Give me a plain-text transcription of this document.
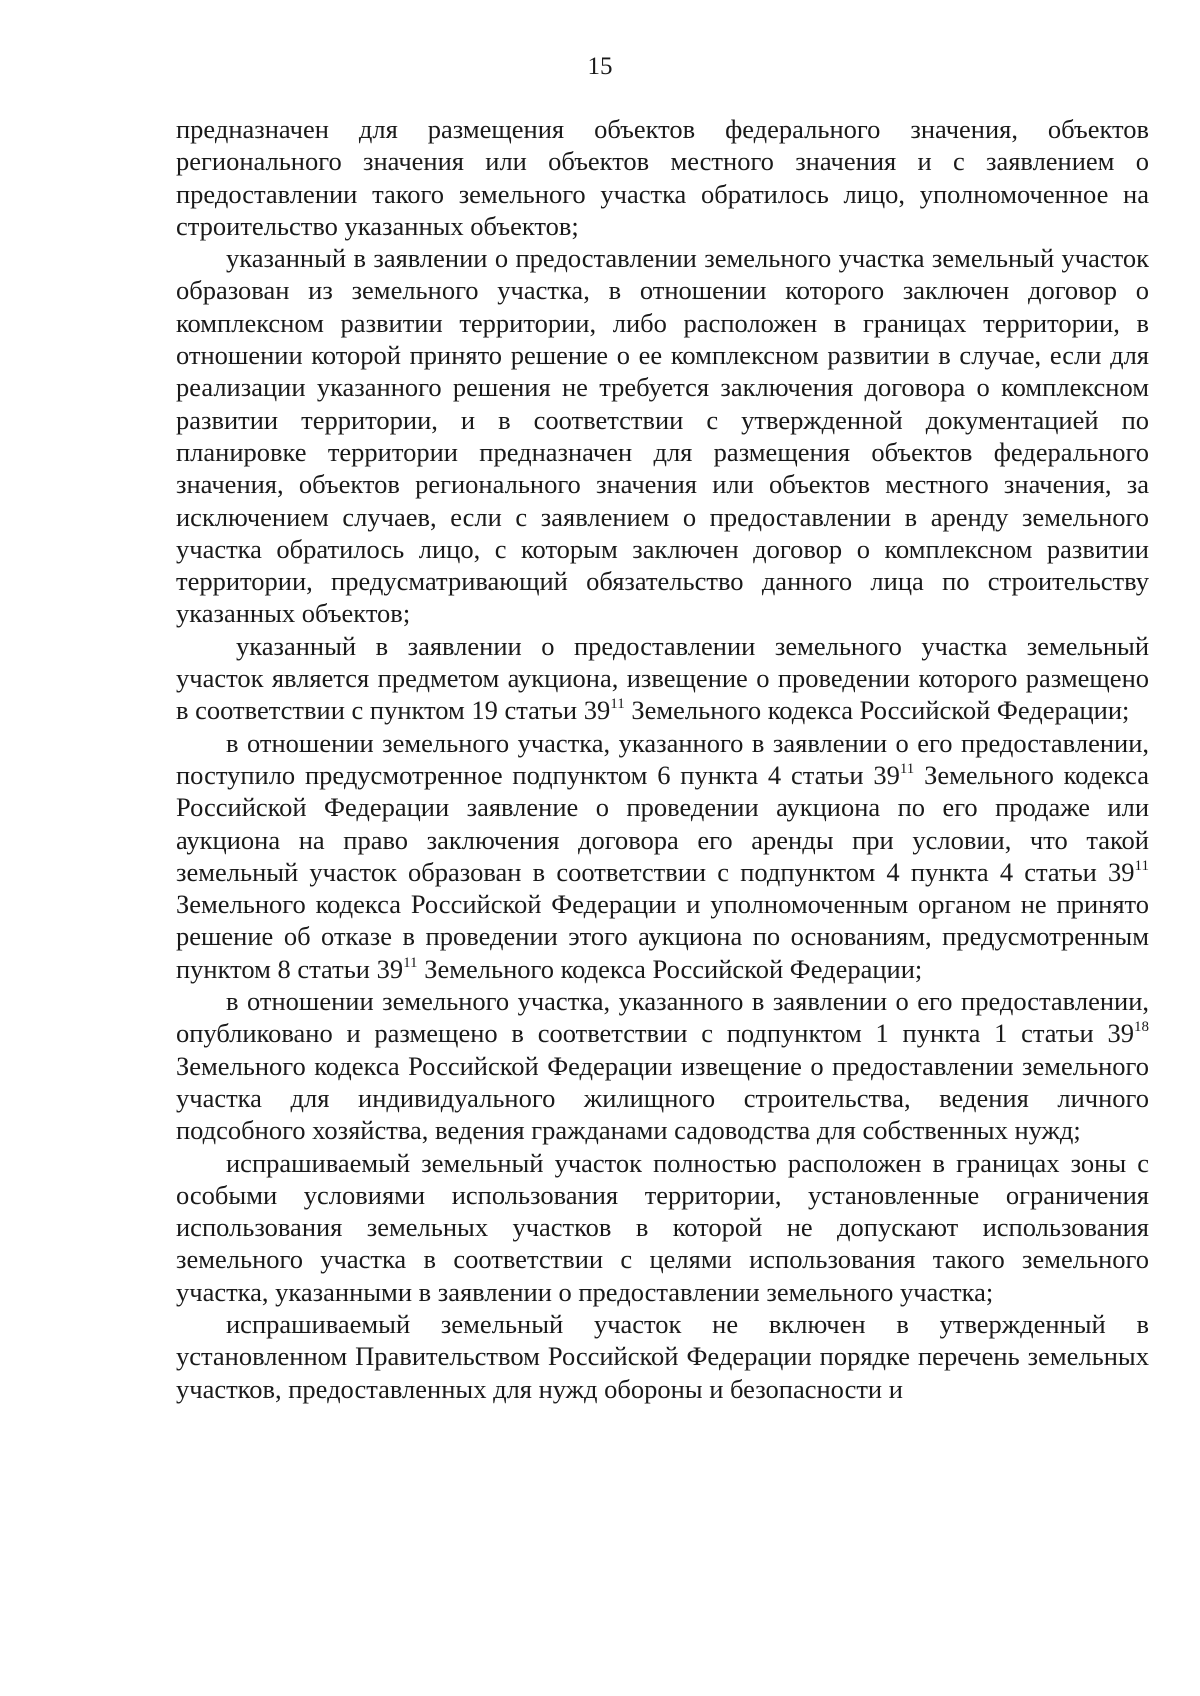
15

предназначен для размещения объектов федерального значения, объектов регионального значения или объектов местного значения и с заявлением о предоставлении такого земельного участка обратилось лицо, уполномоченное на строительство указанных объектов;

указанный в заявлении о предоставлении земельного участка земельный участок образован из земельного участка, в отношении которого заключен договор о комплексном развитии территории, либо расположен в границах территории, в отношении которой принято решение о ее комплексном развитии в случае, если для реализации указанного решения не требуется заключения договора о комплексном развитии территории, и в соответствии с утвержденной документацией по планировке территории предназначен для размещения объектов федерального значения, объектов регионального значения или объектов местного значения, за исключением случаев, если с заявлением о предоставлении в аренду земельного участка обратилось лицо, с которым заключен договор о комплексном развитии территории, предусматривающий обязательство данного лица по строительству указанных объектов;

указанный в заявлении о предоставлении земельного участка земельный участок является предметом аукциона, извещение о проведении которого размещено в соответствии с пунктом 19 статьи $39^{11}$ Земельного кодекса Российской Федерации;

в отношении земельного участка, указанного в заявлении о его предоставлении, поступило предусмотренное подпунктом 6 пункта 4 статьи $39^{11}$ Земельного кодекса Российской Федерации заявление о проведении аукциона по его продаже или аукциона на право заключения договора его аренды при условии, что такой земельный участок образован в соответствии с подпунктом 4 пункта 4 статьи $39^{11}$ Земельного кодекса Российской Федерации и уполномоченным органом не принято решение об отказе в проведении этого аукциона по основаниям, предусмотренным пунктом 8 статьи $39^{11}$ Земельного кодекса Российской Федерации;

в отношении земельного участка, указанного в заявлении о его предоставлении, опубликовано и размещено в соответствии с подпунктом 1 пункта 1 статьи $39^{18}$ Земельного кодекса Российской Федерации извещение о предоставлении земельного участка для индивидуального жилищного строительства, ведения личного подсобного хозяйства, ведения гражданами садоводства для собственных нужд;

испрашиваемый земельный участок полностью расположен в границах зоны с особыми условиями использования территории, установленные ограничения использования земельных участков в которой не допускают использования земельного участка в соответствии с целями использования такого земельного участка, указанными в заявлении о предоставлении земельного участка;

испрашиваемый земельный участок не включен в утвержденный в установленном Правительством Российской Федерации порядке перечень земельных участков, предоставленных для нужд обороны и безопасности и
